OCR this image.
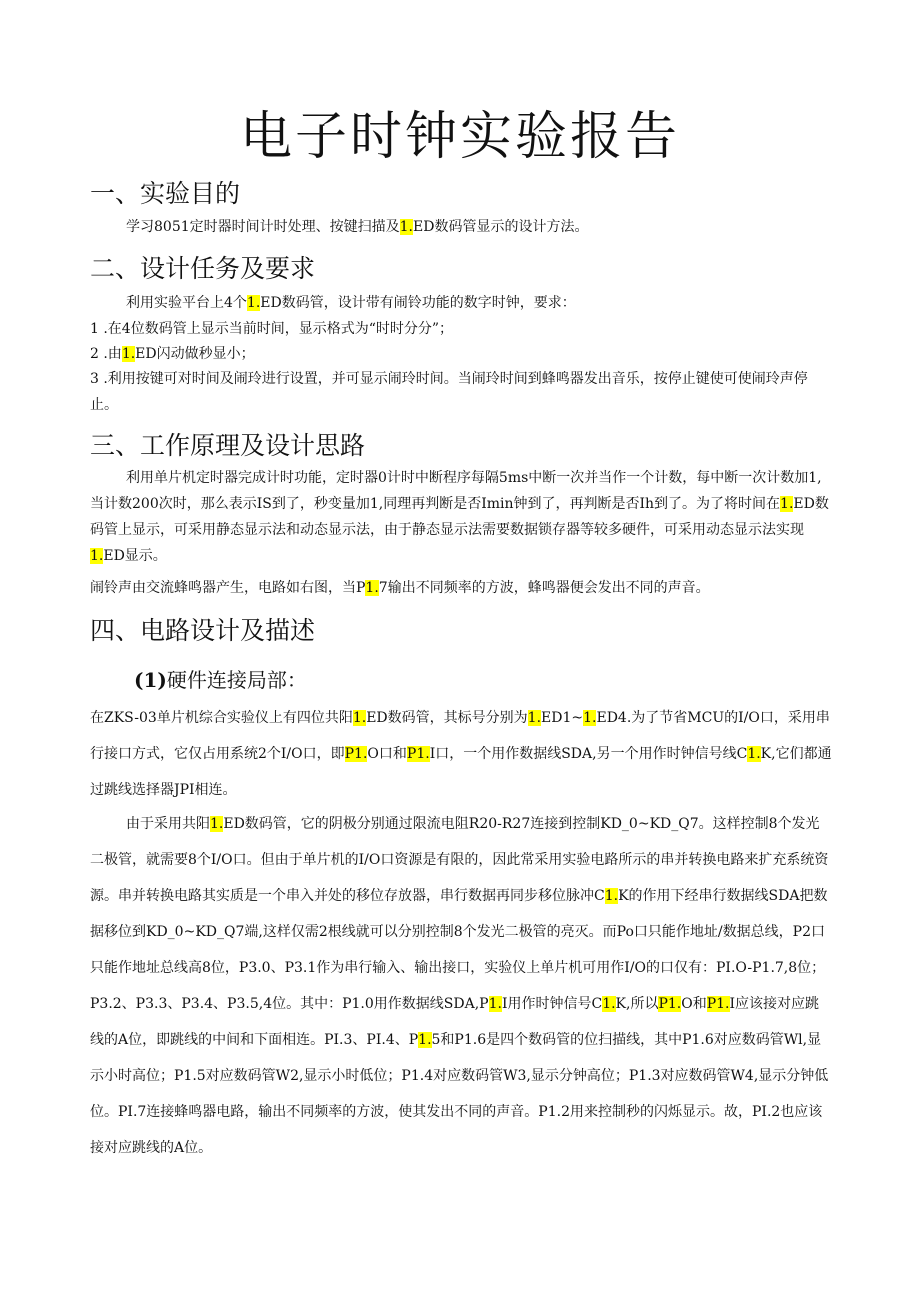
电子时钟实验报告
一、实验目的

学习8051定时器时间计时处理、按键扫描及1.ED数码管显示的设计方法。

二、设计任务及要求

利用实验平台上4个1.ED数码管，设计带有闹铃功能的数字时钟，要求：

1 .在4位数码管上显示当前时间，显示格式为“时时分分”；

2 .由1.ED闪动做秒显小；

3 .利用按键可对时间及闹玲进行设置，并可显示闹玲时间。当闹玲时间到蜂鸣器发出音乐，按停止键使可使闹玲声停止。

三、工作原理及设计思路

利用单片机定时器完成计时功能，定时器0计时中断程序每隔5ms中断一次并当作一个计数，每中断一次计数加1,当计数200次时，那么表示IS到了，秒变量加1,同理再判断是否Imin钟到了，再判断是否Ih到了。为了将时间在1.ED数码管上显示，可采用静态显示法和动态显示法，由于静态显示法需要数据锁存器等较多硬件，可采用动态显示法实现1.ED显示。

闹铃声由交流蜂鸣器产生，电路如右图，当P1.7输出不同频率的方波，蜂鸣器便会发出不同的声音。

四、电路设计及描述
(1)硬件连接局部：

在ZKS-03单片机综合实验仪上有四位共阳1.ED数码管，其标号分别为1.ED1~1.ED4.为了节省MCU的I/O口，采用串行接口方式，它仅占用系统2个I/O口，即P1.O口和P1.I口，一个用作数据线SDA,另一个用作时钟信号线C1.K,它们都通过跳线选择器JPI相连。

由于采用共阳1.ED数码管，它的阴极分别通过限流电阻R20-R27连接到控制KD_0~KD_Q7。这样控制8个发光二极管，就需要8个I/O口。但由于单片机的I/O口资源是有限的，因此常采用实验电路所示的串并转换电路来扩充系统资源。串并转换电路其实质是一个串入并处的移位存放器，串行数据再同步移位脉冲C1.K的作用下经串行数据线SDA把数据移位到KD_0~KD_Q7端,这样仅需2根线就可以分别控制8个发光二极管的亮灭。而Po口只能作地址/数据总线，P2口只能作地址总线高8位，P3.0、P3.1作为串行输入、输出接口，实验仪上单片机可用作I/O的口仅有：PI.O-P1.7,8位；P3.2、P3.3、P3.4、P3.5,4位。其中：P1.0用作数据线SDA,P1.I用作时钟信号C1.K,所以P1.O和P1.I应该接对应跳线的A位，即跳线的中间和下面相连。PI.3、PI.4、P1.5和P1.6是四个数码管的位扫描线，其中P1.6对应数码管Wl,显示小时高位；P1.5对应数码管W2,显示小时低位；P1.4对应数码管W3,显示分钟高位；P1.3对应数码管W4,显示分钟低位。PI.7连接蜂鸣器电路，输出不同频率的方波，使其发出不同的声音。P1.2用来控制秒的闪烁显示。故，PI.2也应该接对应跳线的A位。
